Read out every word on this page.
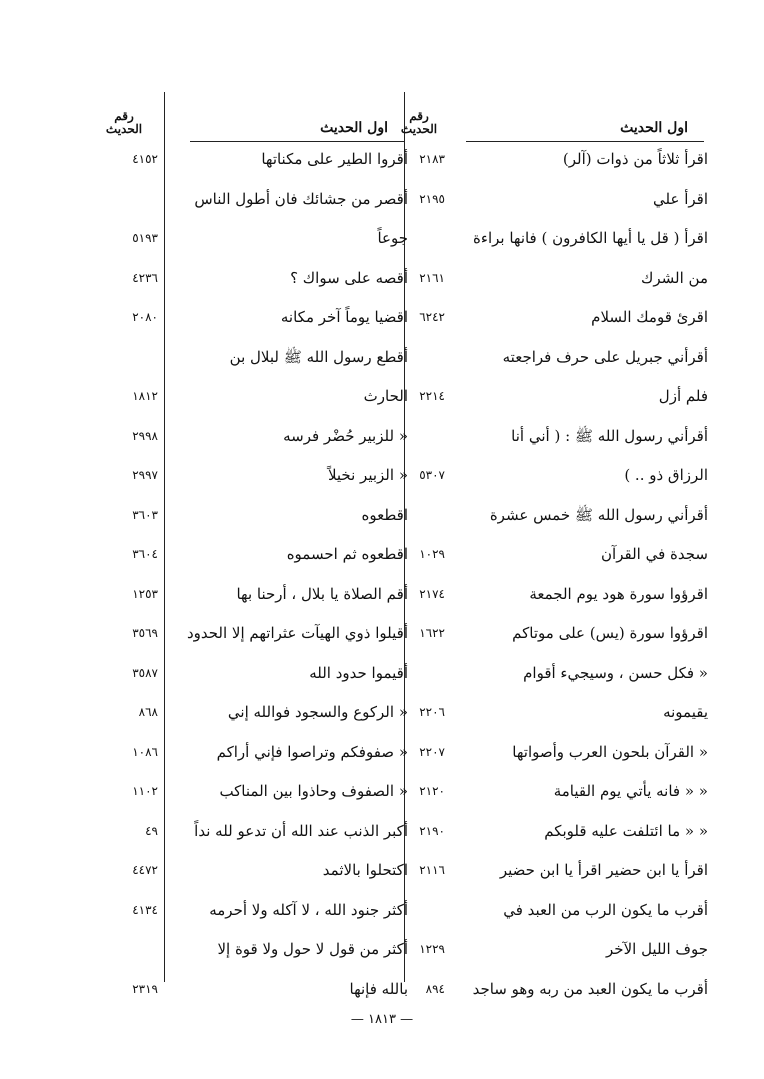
رقم الحديث	اول الحديث
اقرأ ثلاثاً من ذوات (آلر)
٢١٨٣
اقرأ علي
٢١٩٥
اقرأ ( قل يا أيها الكافرون ) فانها براءة
من الشرك
٢١٦١
اقرئ قومك السلام
٦٢٤٢
أقرأني جبريل على حرف فراجعته
فلم أزل
٢٢١٤
أقرأني رسول الله ﷺ : ( أني أنا
الرزاق ذو .. )
٥٣٠٧
أقرأني رسول الله ﷺ خمس عشرة
سجدة في القرآن
١٠٢٩
اقرؤوا سورة هود يوم الجمعة
٢١٧٤
اقرؤوا سورة (يس) على موتاكم
١٦٢٢
« فكل حسن ، وسيجيء أقوام
يقيمونه
٢٢٠٦
« القرآن بلحون العرب وأصواتها
٢٢٠٧
« « فانه يأتي يوم القيامة
٢١٢٠
« « ما ائتلفت عليه قلوبكم
٢١٩٠
اقرأ يا ابن حضير اقرأ يا ابن حضير
٢١١٦
أقرب ما يكون الرب من العبد في
جوف الليل الآخر
١٢٢٩
أقرب ما يكون العبد من ربه وهو ساجد
٨٩٤
رقم الحديث	اول الحديث
أقروا الطير على مكناتها
٤١٥٢
أقصر من جشائك فان أطول الناس
جوعاً
٥١٩٣
أقصه على سواك ؟
٤٢٣٦
اقضيا يوماً آخر مكانه
٢٠٨٠
أقطع رسول الله ﷺ لبلال بن
الحارث
١٨١٢
« للزبير حُضْر فرسه
٢٩٩٨
« الزبير نخيلاً
٢٩٩٧
اقطعوه
٣٦٠٣
اقطعوه ثم احسموه
٣٦٠٤
أقم الصلاة يا بلال ، أرحنا بها
١٢٥٣
أقيلوا ذوي الهيآت عثراتهم إلا الحدود
٣٥٦٩
أقيموا حدود الله
٣٥٨٧
« الركوع والسجود فوالله إني
٨٦٨
« صفوفكم وتراصوا فإني أراكم
١٠٨٦
« الصفوف وحاذوا بين المناكب
١١٠٢
أكبر الذنب عند الله أن تدعو لله نداً
٤٩
اكتحلوا بالاثمد
٤٤٧٢
أكثر جنود الله ، لا آكله ولا أحرمه
٤١٣٤
أكثر من قول لا حول ولا قوة إلا
بالله فإنها
٢٣١٩
— ١٨١٣ —
